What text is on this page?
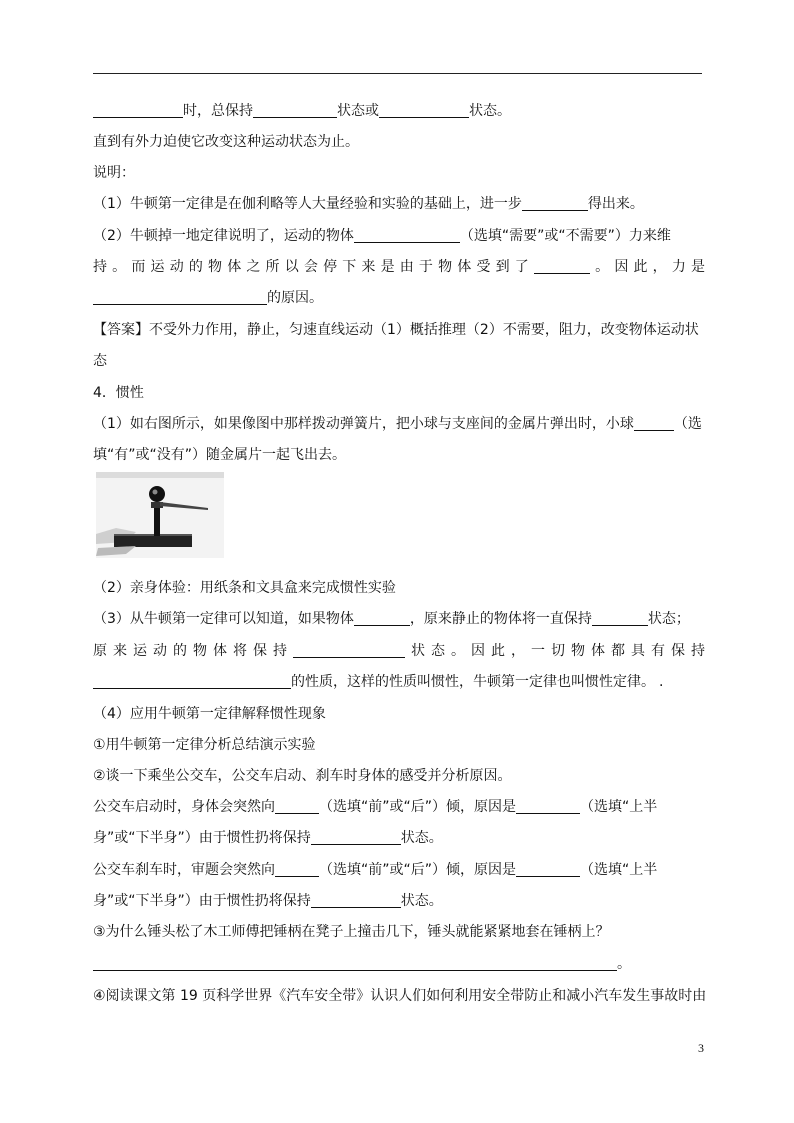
时，总保持	状态或	状态。
直到有外力迫使它改变这种运动状态为止。
说明：
（1）牛顿第一定律是在伽利略等人大量经验和实验的基础上，进一步	得出来。
（2）牛顿掉一地定律说明了，运动的物体	（选填“需要”或“不需要”）力来维
持。而运动的物体之所以会停下来是由于物体受到了	。因此，力是
的原因。
【答案】不受外力作用，静止，匀速直线运动（1）概括推理（2）不需要，阻力，改变物体运动状
态
4．惯性
（1）如右图所示，如果像图中那样拨动弹簧片，把小球与支座间的金属片弹出时，小球	（选
填“有”或“没有”）随金属片一起飞出去。
（2）亲身体验：用纸条和文具盒来完成惯性实验
（3）从牛顿第一定律可以知道，如果物体	，原来静止的物体将一直保持	状态；
原来运动的物体将保持	状态。因此，一切物体都具有保持
的性质，这样的性质叫惯性，牛顿第一定律也叫惯性定律。 .
（4）应用牛顿第一定律解释惯性现象
①用牛顿第一定律分析总结演示实验
②谈一下乘坐公交车，公交车启动、刹车时身体的感受并分析原因。
公交车启动时，身体会突然向	（选填“前”或“后”）倾，原因是	（选填“上半
身”或“下半身”）由于惯性扔将保持	状态。
公交车刹车时，审题会突然向	（选填“前”或“后”）倾，原因是	（选填“上半
身”或“下半身”）由于惯性扔将保持	状态。
③为什么锤头松了木工师傅把锤柄在凳子上撞击几下，锤头就能紧紧地套在锤柄上？
。
④阅读课文第 19 页科学世界《汽车安全带》认识人们如何利用安全带防止和减小汽车发生事故时由
3
